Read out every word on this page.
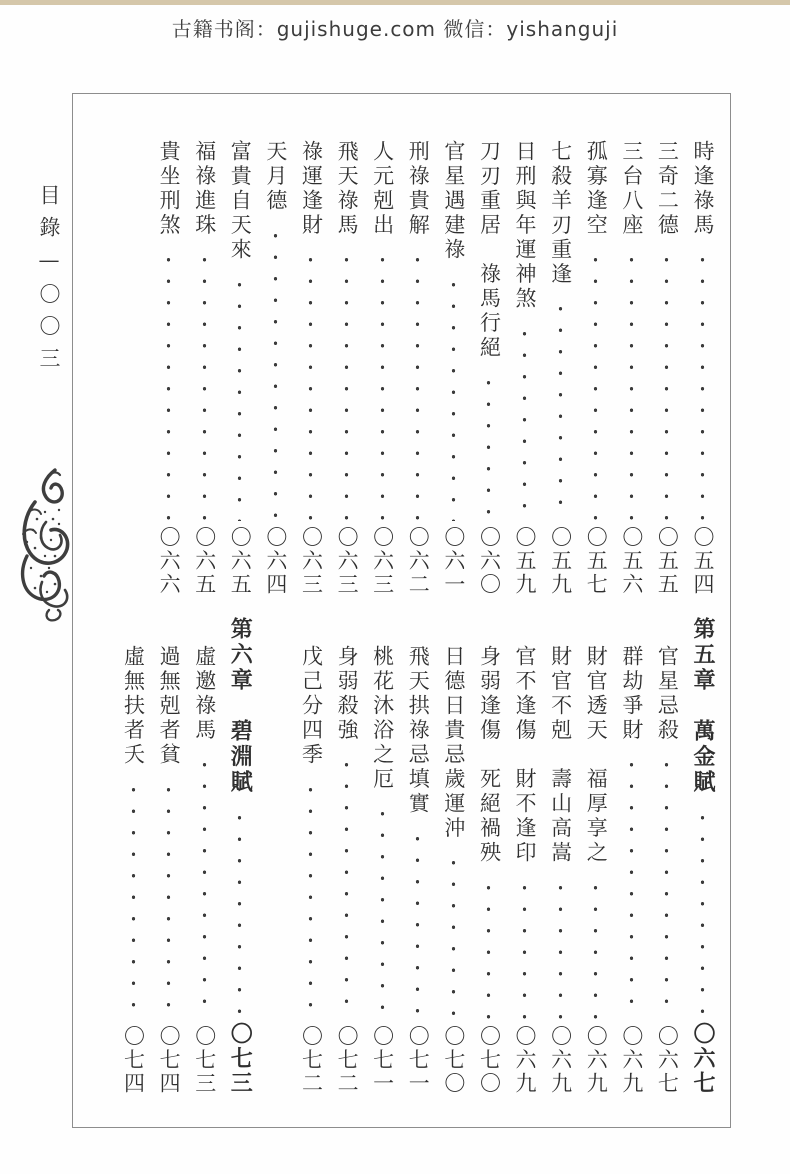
古籍书阁：gujishuge.com 微信：yishanguji
目錄—〇〇三	時逢祿馬
〇五四
三奇二德
〇五五
三台八座
〇五六
孤寡逢空
〇五七
七殺羊刃重逢
〇五九
日刑與年運神煞
〇五九
刀刃重居　祿馬行絕
〇六〇
官星遇建祿
〇六一
刑祿貴解
〇六二
人元剋出
〇六三
飛天祿馬
〇六三
祿運逢財
〇六三
天月德
〇六四
富貴自天來
〇六五
福祿進珠
〇六五
貴坐刑煞
〇六六
第五章　萬金賦
〇六七
官星忌殺
〇六七
群劫爭財
〇六九
財官透天　福厚享之
〇六九
財官不剋　壽山高嵩
〇六九
官不逢傷　財不逢印
〇六九
身弱逢傷　死絕禍殃
〇七〇
日德日貴忌歲運沖
〇七〇
飛天拱祿忌填實
〇七一
桃花沐浴之厄
〇七一
身弱殺強
〇七二
戊己分四季
〇七二
第六章　碧淵賦
〇七三
虛邀祿馬
〇七三
過無剋者貧
〇七四
虛無扶者夭
〇七四
